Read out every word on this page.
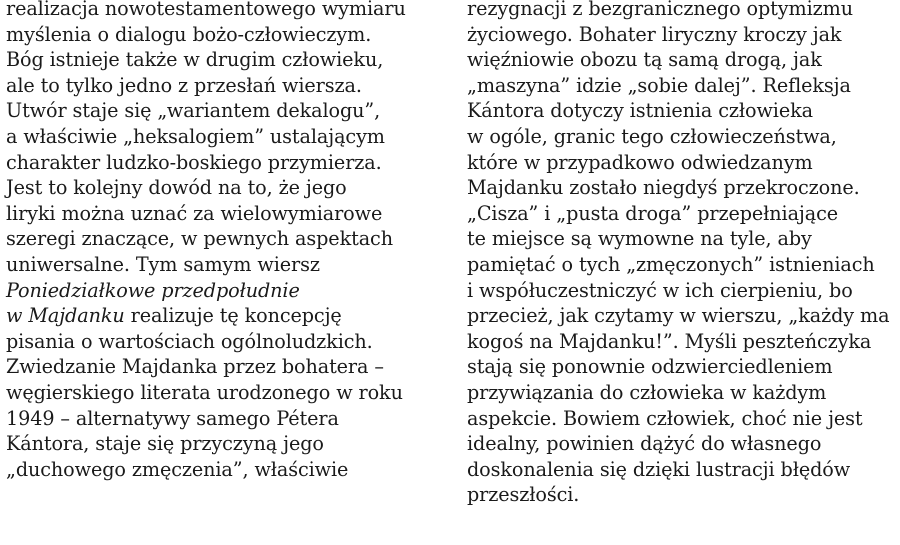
realizacja nowotestamentowego wymiaru
myślenia o dialogu bożo-człowieczym.
Bóg istnieje także w drugim człowieku,
ale to tylko jedno z przesłań wiersza.
Utwór staje się „wariantem dekalogu”,
a właściwie „heksalogiem” ustalającym
charakter ludzko-boskiego przymierza.
Jest to kolejny dowód na to, że jego
liryki można uznać za wielowymiarowe
szeregi znaczące, w pewnych aspektach
uniwersalne. Tym samym wiersz
Poniedziałkowe przedpołudnie
w Majdanku realizuje tę koncepcję
pisania o wartościach ogólnoludzkich.
Zwiedzanie Majdanka przez bohatera –
węgierskiego literata urodzonego w roku
1949 – alternatywy samego Pétera
Kántora, staje się przyczyną jego
„duchowego zmęczenia”, właściwie
rezygnacji z bezgranicznego optymizmu
życiowego. Bohater liryczny kroczy jak
więźniowie obozu tą samą drogą, jak
„maszyna” idzie „sobie dalej”. Refleksja
Kántora dotyczy istnienia człowieka
w ogóle, granic tego człowieczeństwa,
które w przypadkowo odwiedzanym
Majdanku zostało niegdyś przekroczone.
„Cisza” i „pusta droga” przepełniające
te miejsce są wymowne na tyle, aby
pamiętać o tych „zmęczonych” istnieniach
i współuczestniczyć w ich cierpieniu, bo
przecież, jak czytamy w wierszu, „każdy ma
kogoś na Majdanku!”. Myśli peszteńczyka
stają się ponownie odzwierciedleniem
przywiązania do człowieka w każdym
aspekcie. Bowiem człowiek, choć nie jest
idealny, powinien dążyć do własnego
doskonalenia się dzięki lustracji błędów
przeszłości.
